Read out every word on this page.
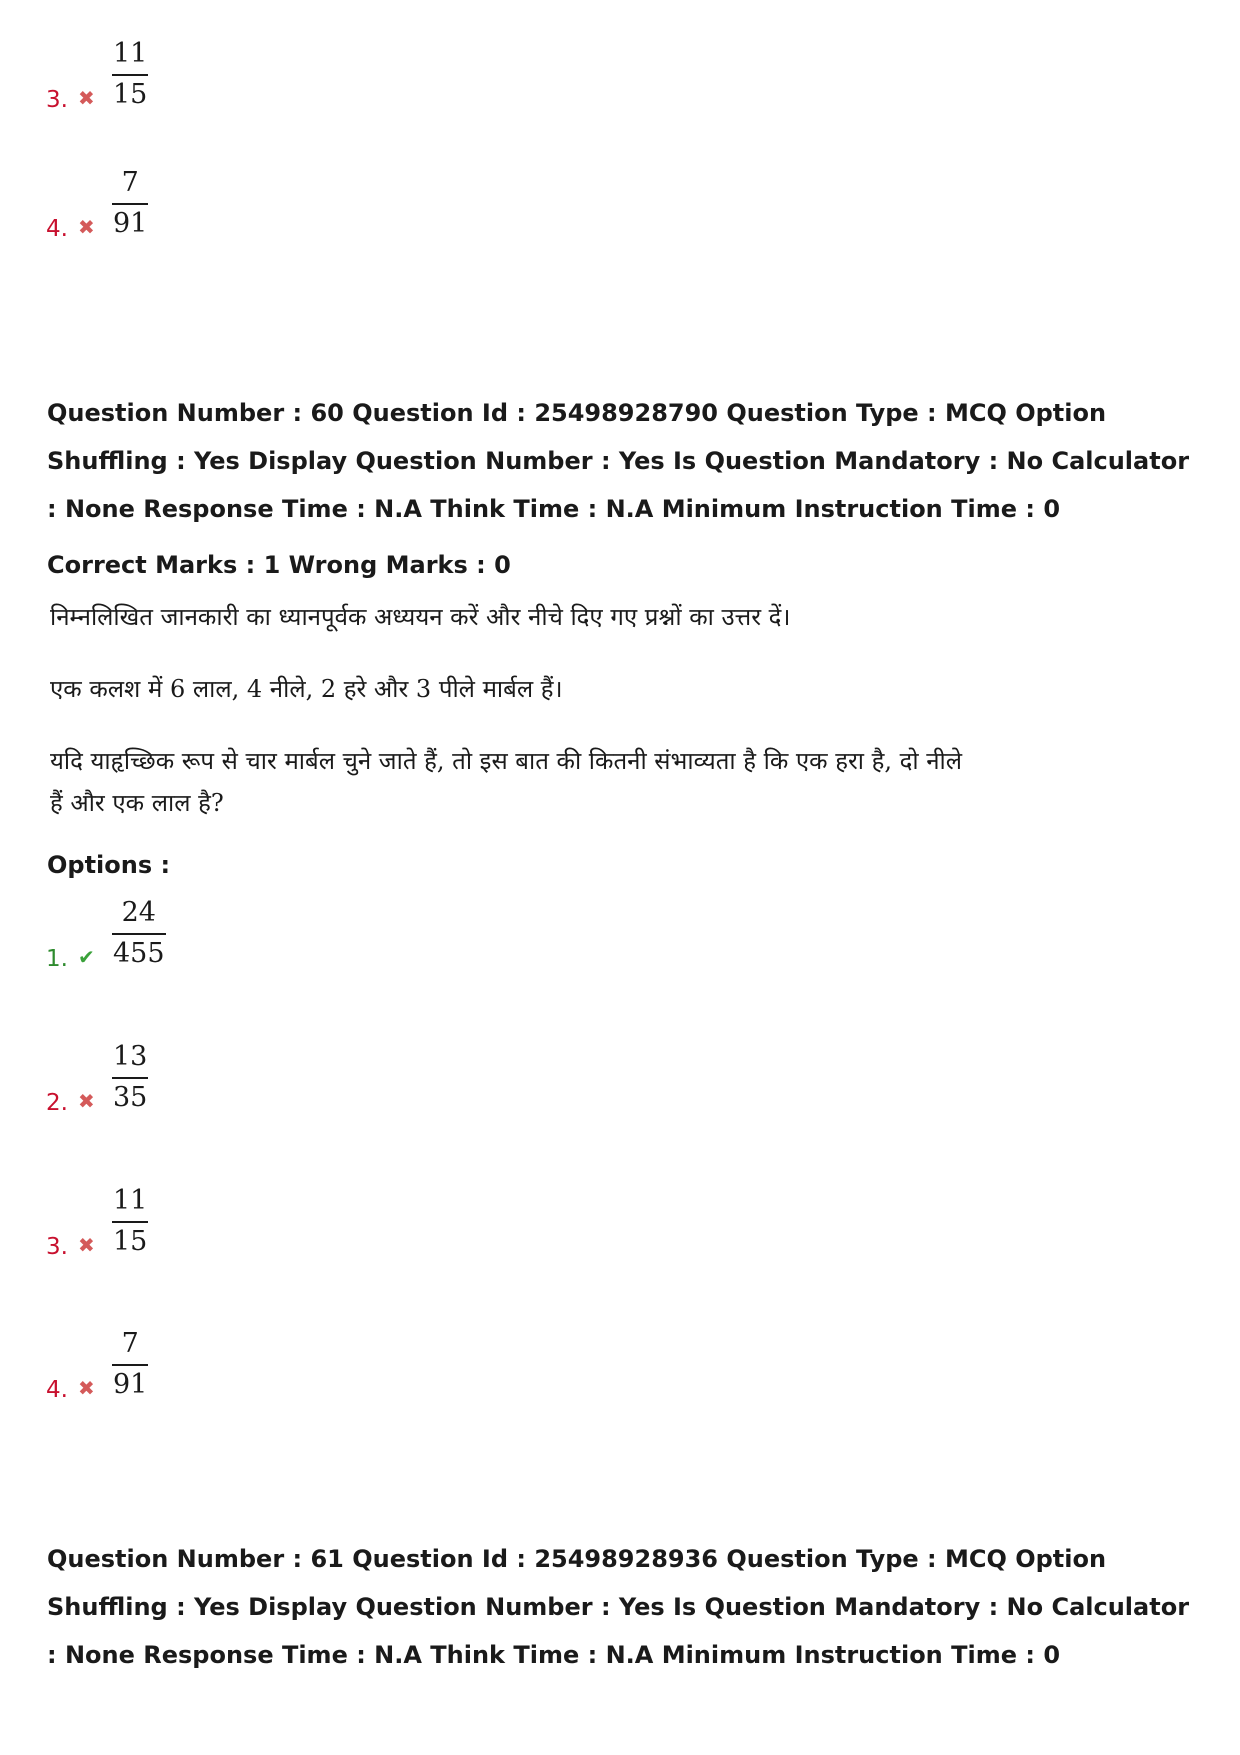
3. ✖
11
15
4. ✖
7
91
Question Number : 60 Question Id : 25498928790 Question Type : MCQ Option Shuffling : Yes Display Question Number : Yes Is Question Mandatory : No Calculator : None Response Time : N.A Think Time : N.A Minimum Instruction Time : 0
Correct Marks : 1 Wrong Marks : 0
निम्नलिखित जानकारी का ध्यानपूर्वक अध्ययन करें और नीचे दिए गए प्रश्नों का उत्तर दें।
एक कलश में 6 लाल, 4 नीले, 2 हरे और 3 पीले मार्बल हैं।
यदि याहृच्छिक रूप से चार मार्बल चुने जाते हैं, तो इस बात की कितनी संभाव्यता है कि एक हरा है, दो नीले हैं और एक लाल है?
Options :
1. ✔
24
455
2. ✖
13
35
3. ✖
11
15
4. ✖
7
91
Question Number : 61 Question Id : 25498928936 Question Type : MCQ Option Shuffling : Yes Display Question Number : Yes Is Question Mandatory : No Calculator : None Response Time : N.A Think Time : N.A Minimum Instruction Time : 0
